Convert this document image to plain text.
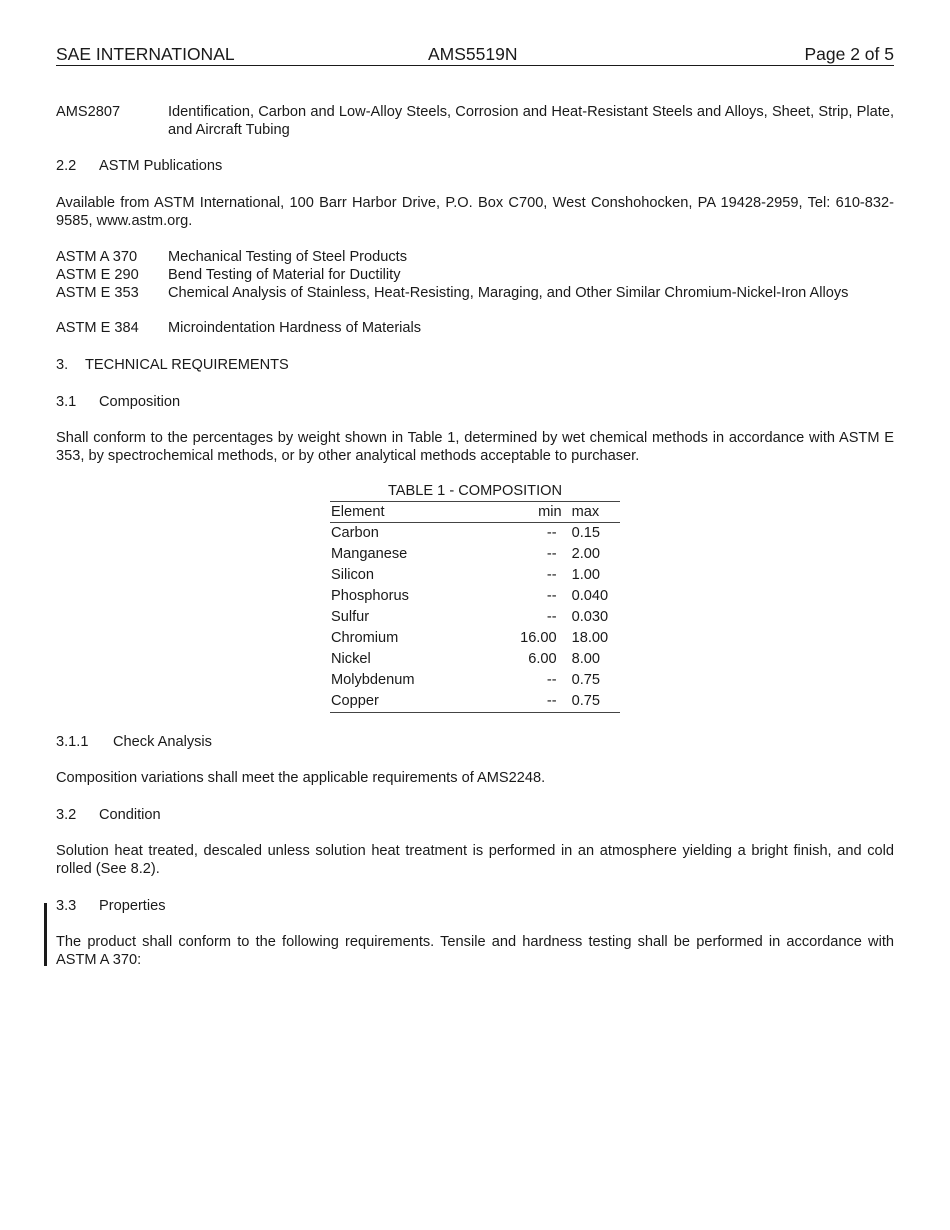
SAE INTERNATIONAL	AMS5519N	Page 2 of 5
AMS2807	Identification, Carbon and Low-Alloy Steels, Corrosion and Heat-Resistant Steels and Alloys, Sheet, Strip, Plate, and Aircraft Tubing
2.2 ASTM Publications
Available from ASTM International, 100 Barr Harbor Drive, P.O. Box C700, West Conshohocken, PA 19428-2959, Tel: 610-832-9585, www.astm.org.
ASTM A 370 Mechanical Testing of Steel Products
ASTM E 290 Bend Testing of Material for Ductility
ASTM E 353 Chemical Analysis of Stainless, Heat-Resisting, Maraging, and Other Similar Chromium-Nickel-Iron Alloys
ASTM E 384 Microindentation Hardness of Materials
3. TECHNICAL REQUIREMENTS
3.1 Composition
Shall conform to the percentages by weight shown in Table 1, determined by wet chemical methods in accordance with ASTM E 353, by spectrochemical methods, or by other analytical methods acceptable to purchaser.
TABLE 1 - COMPOSITION
Element	min	max
Carbon	--	0.15
Manganese	--	2.00
Silicon	--	1.00
Phosphorus	--	0.040
Sulfur	--	0.030
Chromium	16.00	18.00
Nickel	6.00	8.00
Molybdenum	--	0.75
Copper	--	0.75
3.1.1 Check Analysis
Composition variations shall meet the applicable requirements of AMS2248.
3.2 Condition
Solution heat treated, descaled unless solution heat treatment is performed in an atmosphere yielding a bright finish, and cold rolled (See 8.2).
3.3 Properties
The product shall conform to the following requirements. Tensile and hardness testing shall be performed in accordance with ASTM A 370:
